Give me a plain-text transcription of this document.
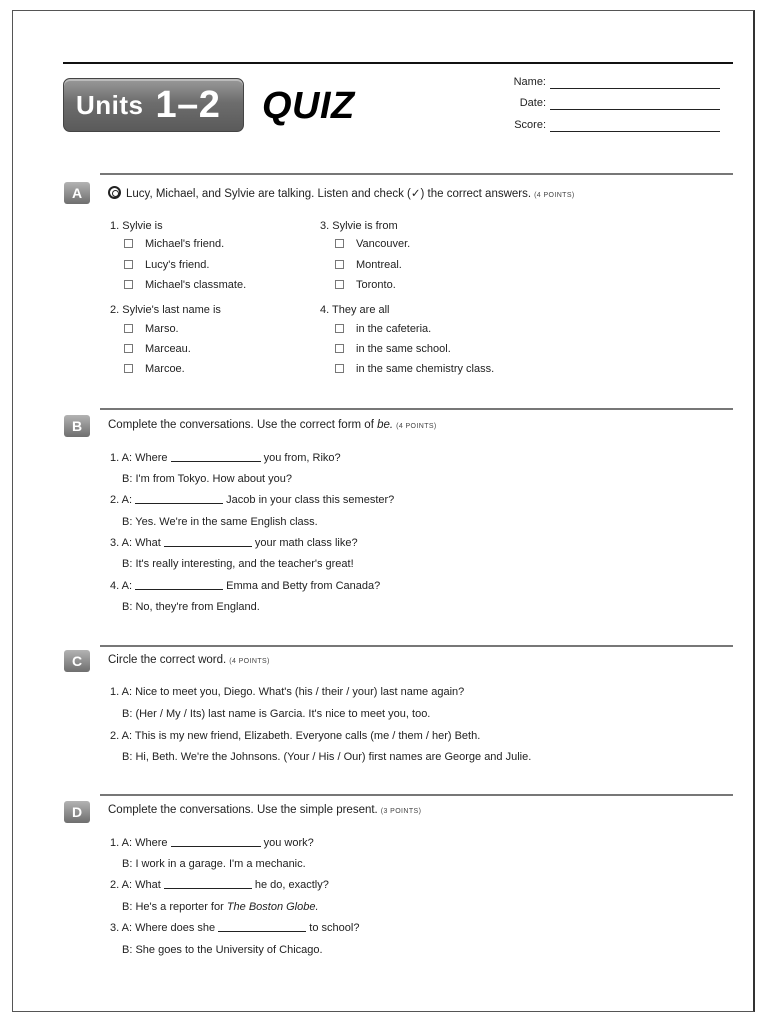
Units 1–2 QUIZ
Name:
Date:
Score:
A	Lucy, Michael, and Sylvie are talking. Listen and check (✓) the correct answers. (4 POINTS)
1. Sylvie is
Michael's friend.
Lucy's friend.
Michael's classmate.
2. Sylvie's last name is
Marso.
Marceau.
Marcoe.
3. Sylvie is from
Vancouver.
Montreal.
Toronto.
4. They are all
in the cafeteria.
in the same school.
in the same chemistry class.
B	Complete the conversations. Use the correct form of be. (4 POINTS)
1. A: Where	you from, Riko?
B: I'm from Tokyo. How about you?
2. A:	Jacob in your class this semester?
B: Yes. We're in the same English class.
3. A: What	your math class like?
B: It's really interesting, and the teacher's great!
4. A:	Emma and Betty from Canada?
B: No, they're from England.
C	Circle the correct word. (4 POINTS)
1. A: Nice to meet you, Diego. What's (his / their / your) last name again?
B: (Her / My / Its) last name is Garcia. It's nice to meet you, too.
2. A: This is my new friend, Elizabeth. Everyone calls (me / them / her) Beth.
B: Hi, Beth. We're the Johnsons. (Your / His / Our) first names are George and Julie.
D	Complete the conversations. Use the simple present. (3 POINTS)
1. A: Where	you work?
B: I work in a garage. I'm a mechanic.
2. A: What	he do, exactly?
B: He's a reporter for The Boston Globe.
3. A: Where does she	to school?
B: She goes to the University of Chicago.
